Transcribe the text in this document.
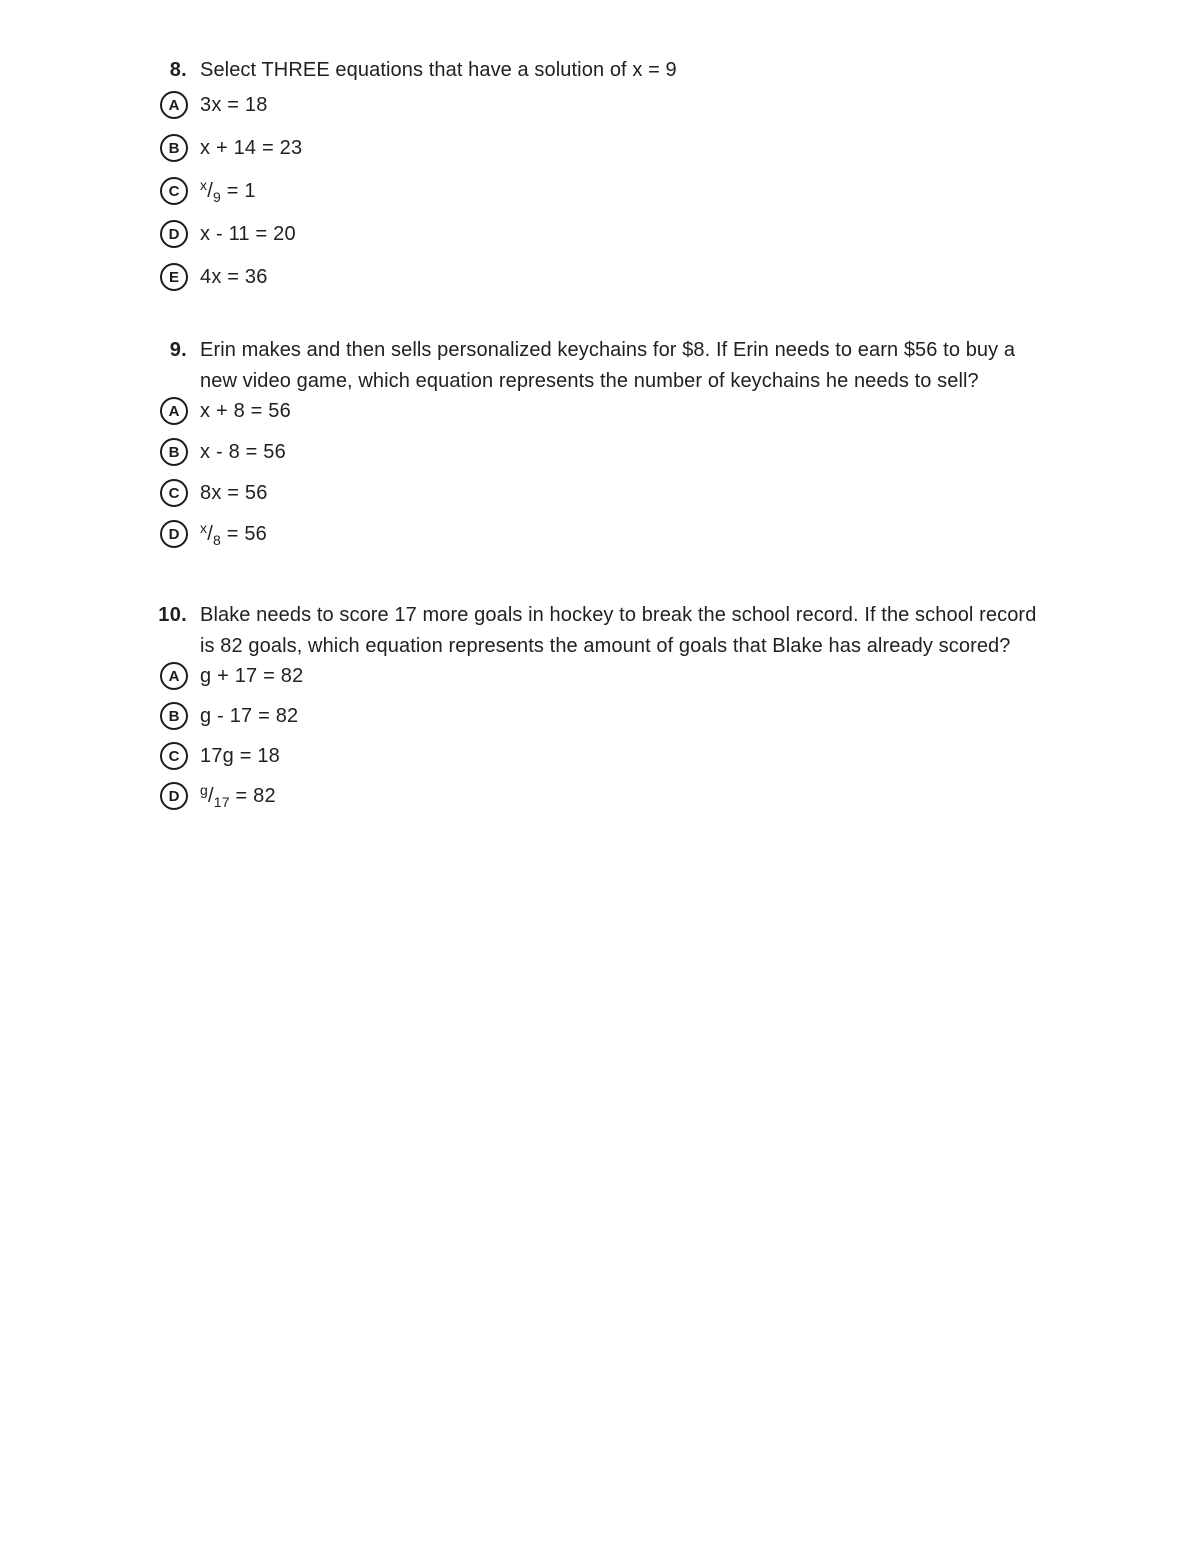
8. Select THREE equations that have a solution of x = 9
A 3x = 18
B x + 14 = 23
C $^x/_9 = 1$
D x - 11 = 20
E 4x = 36
9. Erin makes and then sells personalized keychains for $8. If Erin needs to earn $56 to buy a
new video game, which equation represents the number of keychains he needs to sell?
A x + 8 = 56
B x - 8 = 56
C 8x = 56
D $^x/_8 = 56$
10. Blake needs to score 17 more goals in hockey to break the school record. If the school record
is 82 goals, which equation represents the amount of goals that Blake has already scored?
A g + 17 = 82
B g - 17 = 82
C 17g = 18
D $^g/_{17} = 82$
